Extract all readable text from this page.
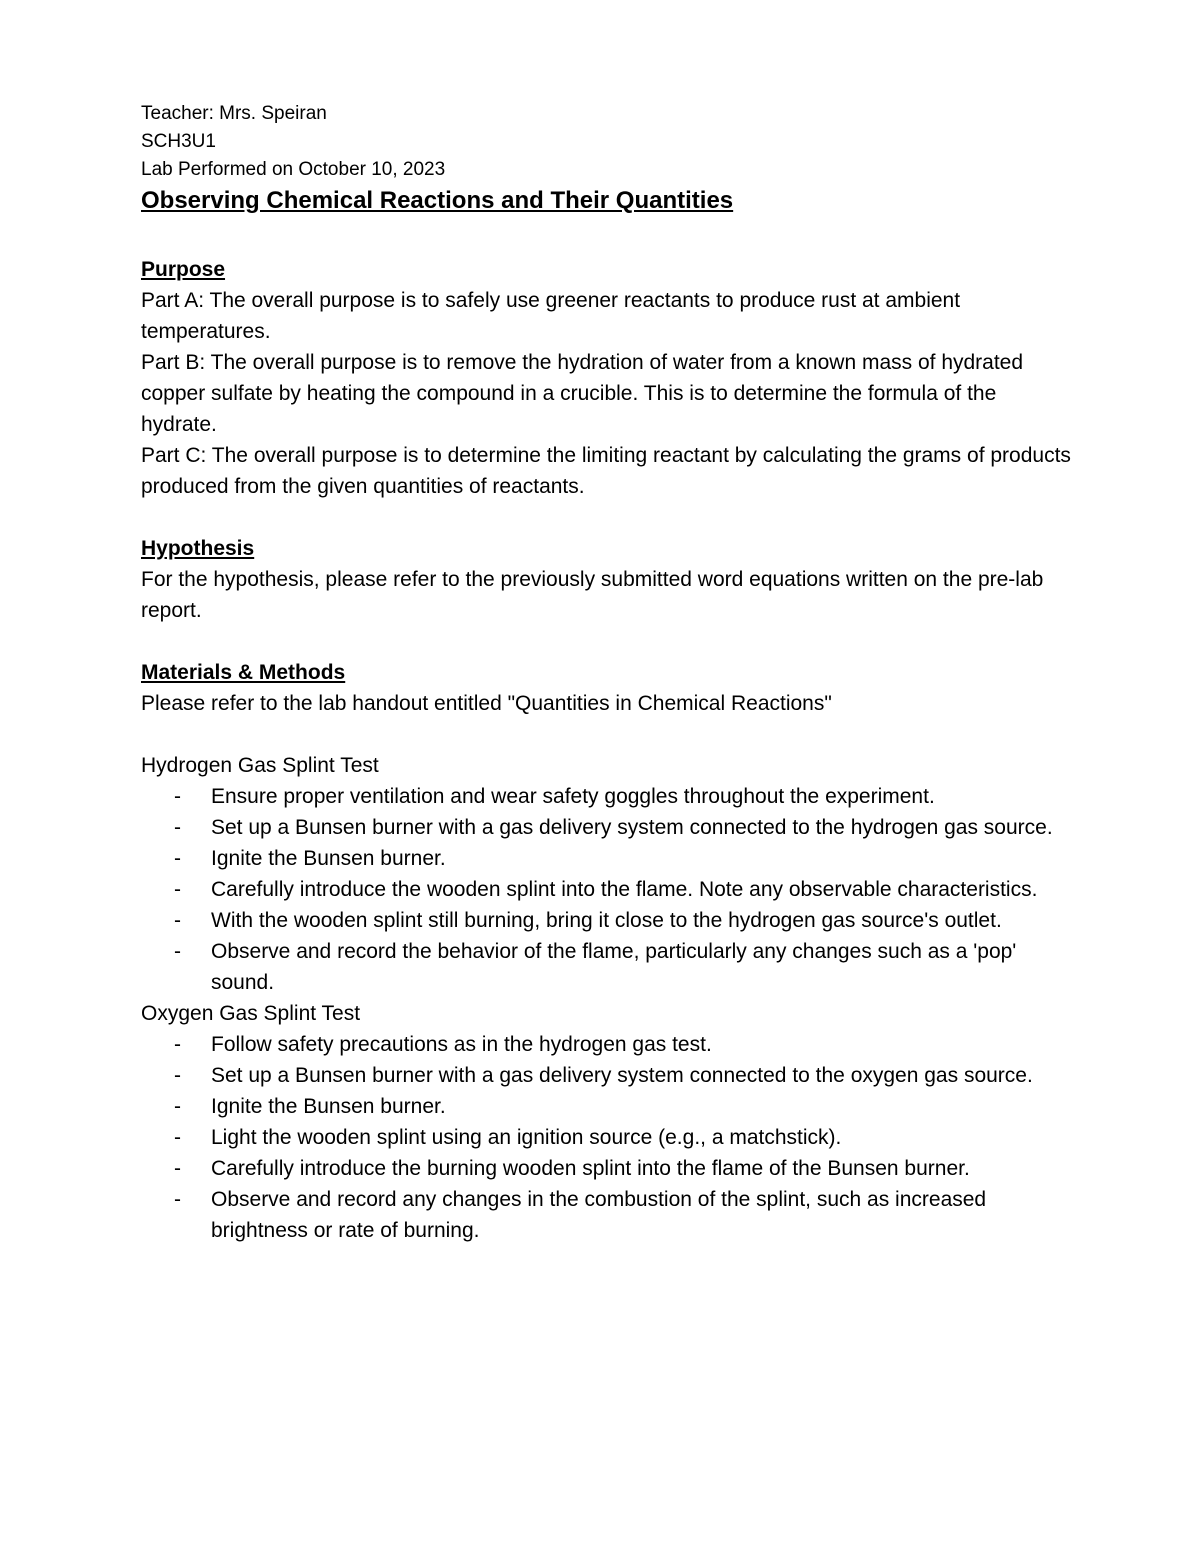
Teacher: Mrs. Speiran

SCH3U1

Lab Performed on October 10, 2023

Observing Chemical Reactions and Their Quantities
Purpose

Part A: The overall purpose is to safely use greener reactants to produce rust at ambient temperatures.

Part B: The overall purpose is to remove the hydration of water from a known mass of hydrated copper sulfate by heating the compound in a crucible. This is to determine the formula of the hydrate.

Part C: The overall purpose is to determine the limiting reactant by calculating the grams of products produced from the given quantities of reactants.

Hypothesis

For the hypothesis, please refer to the previously submitted word equations written on the pre-lab report.

Materials & Methods

Please refer to the lab handout entitled "Quantities in Chemical Reactions"

Hydrogen Gas Splint Test

- Ensure proper ventilation and wear safety goggles throughout the experiment.
- Set up a Bunsen burner with a gas delivery system connected to the hydrogen gas source.
- Ignite the Bunsen burner.
- Carefully introduce the wooden splint into the flame. Note any observable characteristics.
- With the wooden splint still burning, bring it close to the hydrogen gas source's outlet.
- Observe and record the behavior of the flame, particularly any changes such as a 'pop' sound.

Oxygen Gas Splint Test

- Follow safety precautions as in the hydrogen gas test.
- Set up a Bunsen burner with a gas delivery system connected to the oxygen gas source.
- Ignite the Bunsen burner.
- Light the wooden splint using an ignition source (e.g., a matchstick).
- Carefully introduce the burning wooden splint into the flame of the Bunsen burner.
- Observe and record any changes in the combustion of the splint, such as increased brightness or rate of burning.
